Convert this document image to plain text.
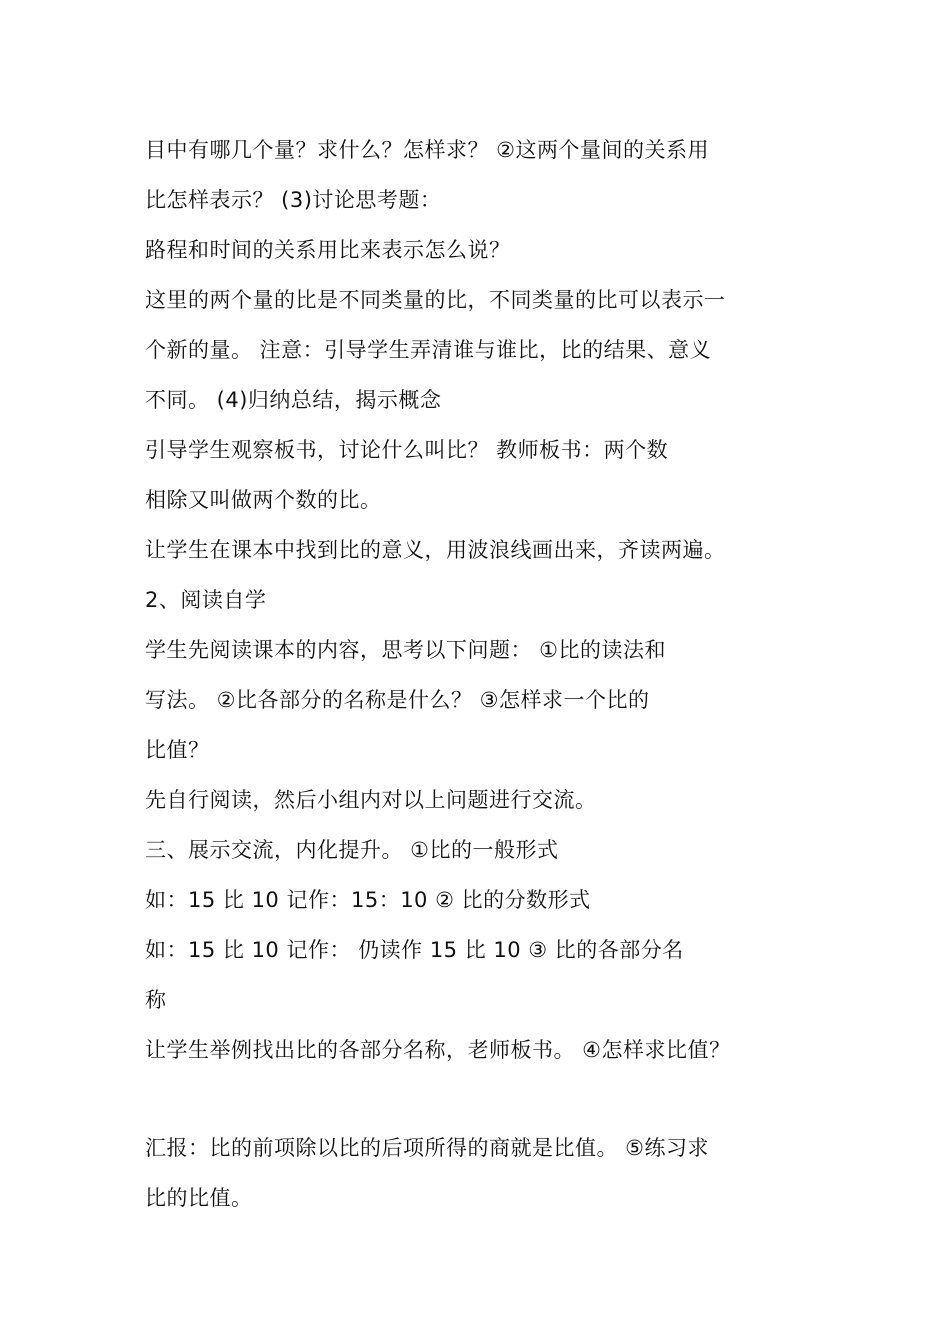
目中有哪几个量？求什么？怎样求？ ②这两个量间的关系用
比怎样表示？ (3)讨论思考题：
路程和时间的关系用比来表示怎么说？
这里的两个量的比是不同类量的比，不同类量的比可以表示一
个新的量。 注意：引导学生弄清谁与谁比，比的结果、意义
不同。 (4)归纳总结，揭示概念
引导学生观察板书，讨论什么叫比？ 教师板书：两个数
相除又叫做两个数的比。
让学生在课本中找到比的意义，用波浪线画出来，齐读两遍。
2、阅读自学
学生先阅读课本的内容，思考以下问题： ①比的读法和
写法。 ②比各部分的名称是什么？ ③怎样求一个比的
比值？
先自行阅读，然后小组内对以上问题进行交流。
三、展示交流，内化提升。 ①比的一般形式
如：15 比 10 记作：15：10 ② 比的分数形式
如：15 比 10 记作： 仍读作 15 比 10 ③ 比的各部分名
称
让学生举例找出比的各部分名称，老师板书。 ④怎样求比值？
汇报：比的前项除以比的后项所得的商就是比值。 ⑤练习求
比的比值。
